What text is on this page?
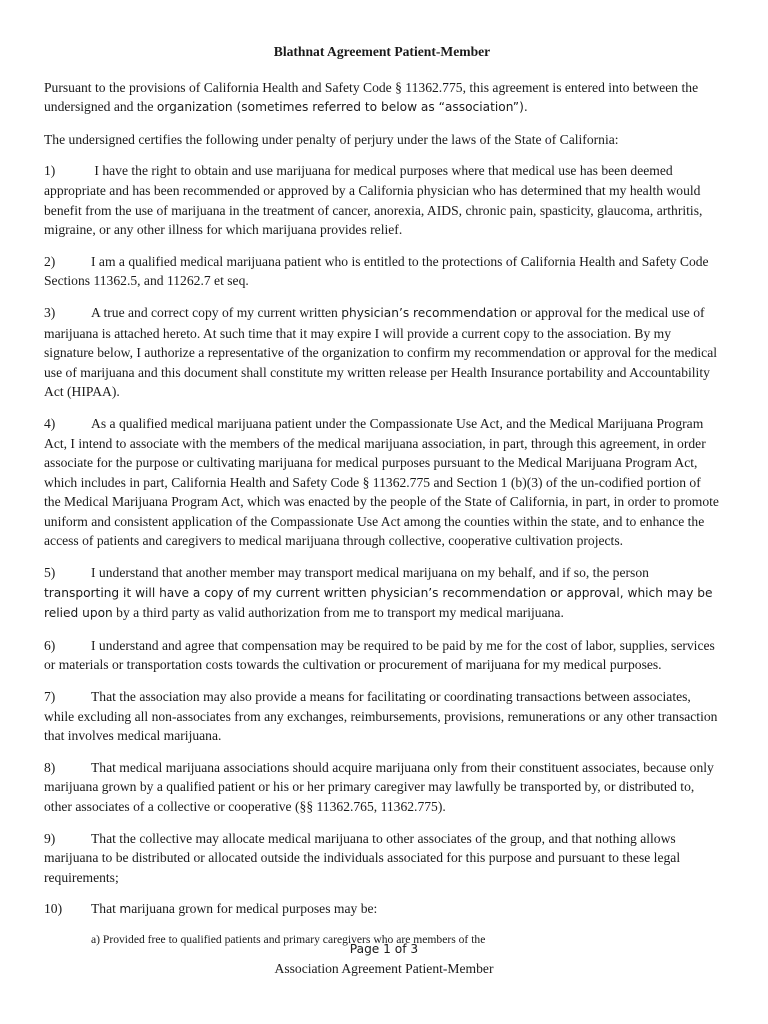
Blathnat Agreement Patient-Member

Pursuant to the provisions of California Health and Safety Code § 11362.775, this agreement is entered into between the undersigned and the organization (sometimes referred to below as “association”).

The undersigned certifies the following under penalty of perjury under the laws of the State of California:

1)	I have the right to obtain and use marijuana for medical purposes where that medical use has been deemed appropriate and has been recommended or approved by a California physician who has determined that my health would benefit from the use of marijuana in the treatment of cancer, anorexia, AIDS, chronic pain, spasticity, glaucoma, arthritis, migraine, or any other illness for which marijuana provides relief.

2)	I am a qualified medical marijuana patient who is entitled to the protections of California Health and Safety Code Sections 11362.5, and 11262.7 et seq.

3)	A true and correct copy of my current written physician’s recommendation or approval for the medical use of marijuana is attached hereto. At such time that it may expire I will provide a current copy to the association. By my signature below, I authorize a representative of the organization to confirm my recommendation or approval for the medical use of marijuana and this document shall constitute my written release per Health Insurance portability and Accountability Act (HIPAA).

4)	As a qualified medical marijuana patient under the Compassionate Use Act, and the Medical Marijuana Program Act, I intend to associate with the members of the medical marijuana association, in part, through this agreement, in order associate for the purpose or cultivating marijuana for medical purposes pursuant to the Medical Marijuana Program Act, which includes in part, California Health and Safety Code § 11362.775 and Section 1 (b)(3) of the un-codified portion of the Medical Marijuana Program Act, which was enacted by the people of the State of California, in part, in order to promote uniform and consistent application of the Compassionate Use Act among the counties within the state, and to enhance the access of patients and caregivers to medical marijuana through collective, cooperative cultivation projects.

5)	I understand that another member may transport medical marijuana on my behalf, and if so, the person transporting it will have a copy of my current written physician’s recommendation or approval, which may be relied upon by a third party as valid authorization from me to transport my medical marijuana.

6)	I understand and agree that compensation may be required to be paid by me for the cost of labor, supplies, services or materials or transportation costs towards the cultivation or procurement of marijuana for my medical purposes.

7)	That the association may also provide a means for facilitating or coordinating transactions between associates, while excluding all non-associates from any exchanges, reimbursements, provisions, remunerations or any other transaction that involves medical marijuana.

8)	That medical marijuana associations should acquire marijuana only from their constituent associates, because only marijuana grown by a qualified patient or his or her primary caregiver may lawfully be transported by, or distributed to, other associates of a collective or cooperative (§§ 11362.765, 11362.775).

9)	That the collective may allocate medical marijuana to other associates of the group, and that nothing allows marijuana to be distributed or allocated outside the individuals associated for this purpose and pursuant to these legal requirements;

10) That marijuana grown for medical purposes may be:

a) Provided free to qualified patients and primary caregivers who are members of the
Page 1 of 3
Association Agreement Patient-Member
